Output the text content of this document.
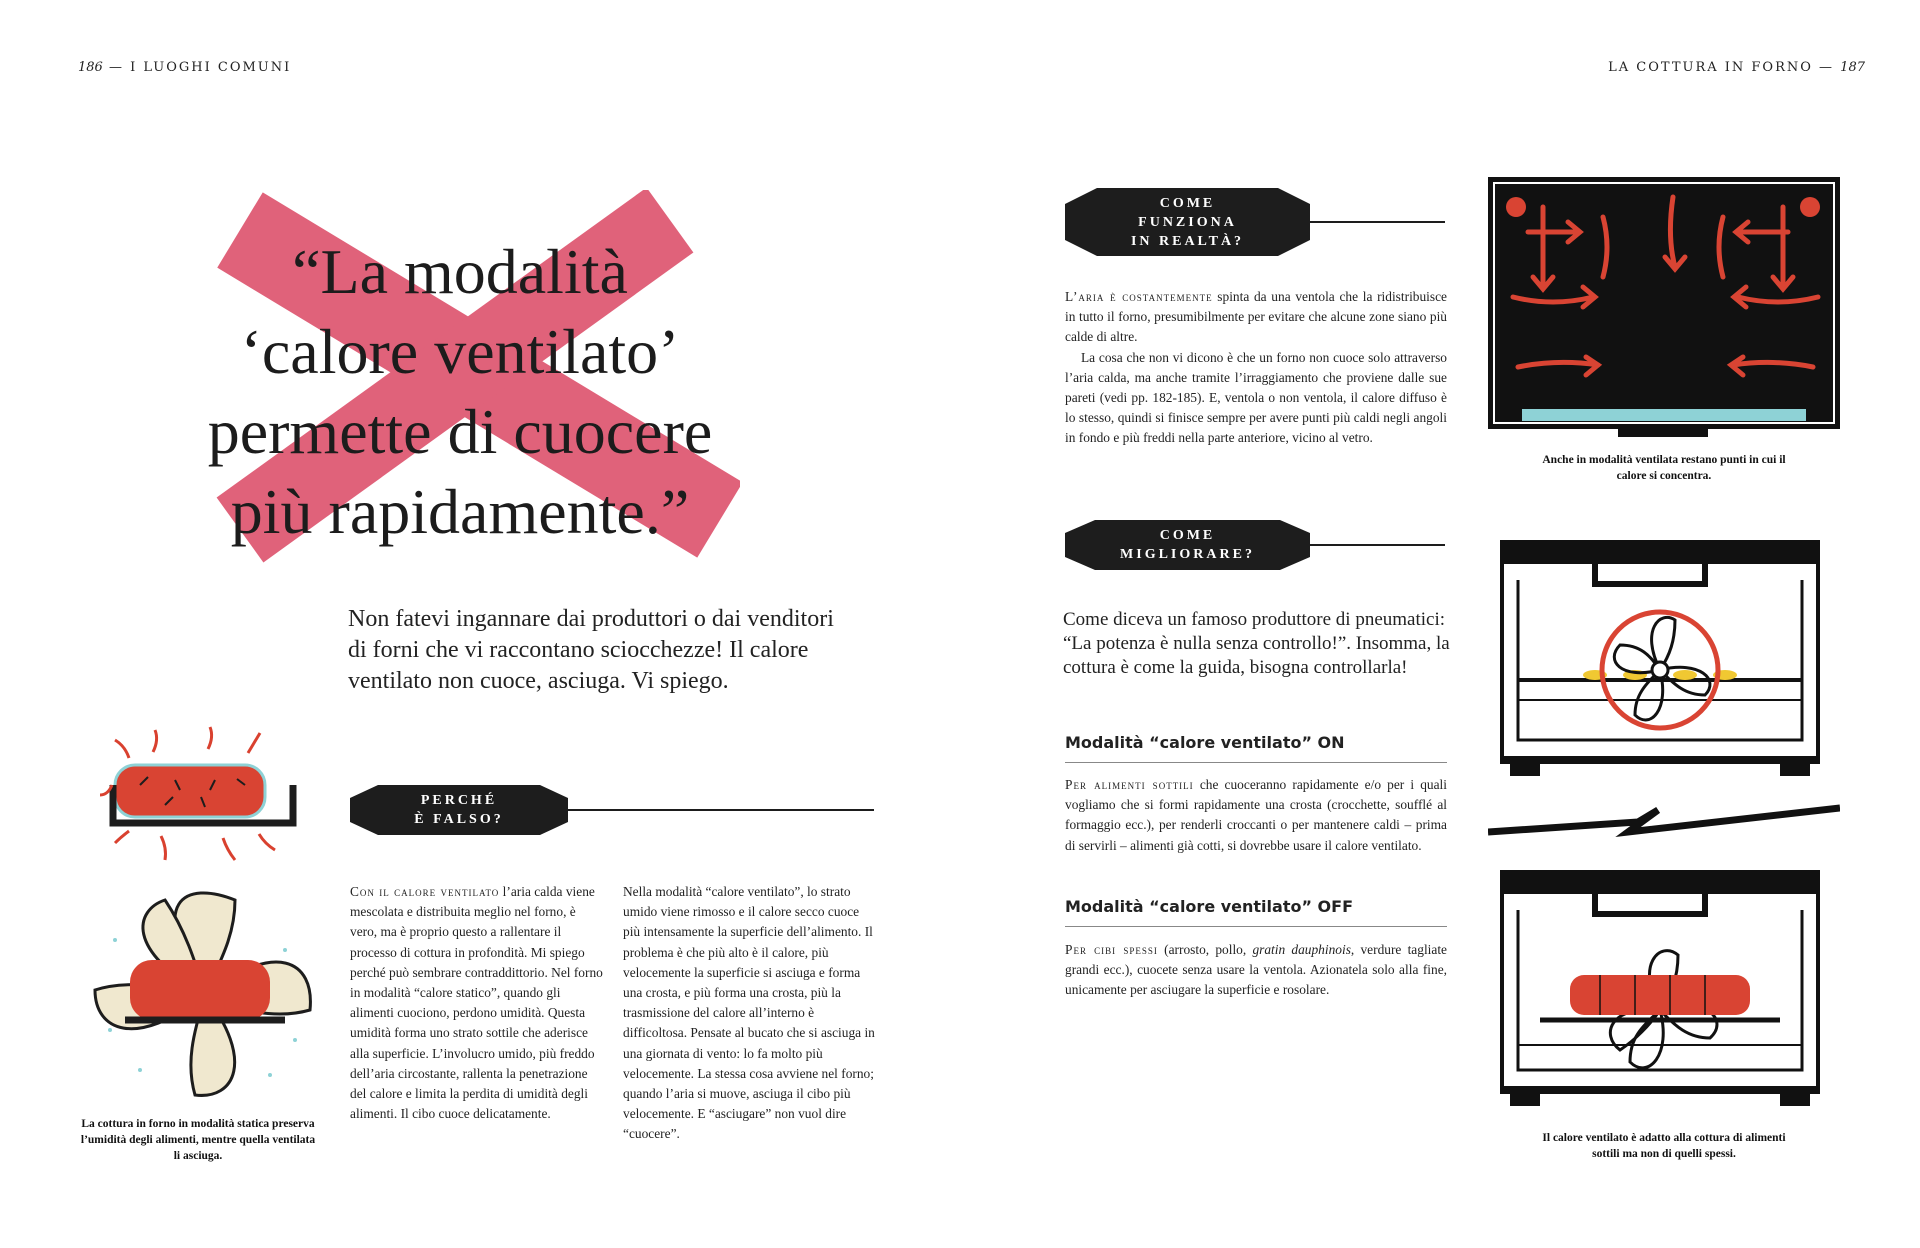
186 — I LUOGHI COMUNI	LA COTTURA IN FORNO — 187
“La modalità
‘calore ventilato’
permette di cuocere
più rapidamente.”
Non fatevi ingannare dai produttori o dai venditori di forni che vi raccontano sciocchezze! Il calore ventilato non cuoce, asciuga. Vi spiego.
La cottura in forno in modalità statica preserva l’umidità degli alimenti, mentre quella ventilata li asciuga.
PERCHÉ
È FALSO?
Con il calore ventilato l’aria calda viene mescolata e distribuita meglio nel forno, è vero, ma è proprio questo a rallentare il processo di cottura in profondità. Mi spiego perché può sembrare contraddittorio. Nel forno in modalità “calore statico”, quando gli alimenti cuociono, perdono umidità. Questa umidità forma uno strato sottile che aderisce alla superficie. L’involucro umido, più freddo dell’aria circostante, rallenta la penetrazione del calore e limita la perdita di umidità degli alimenti. Il cibo cuoce delicatamente.
Nella modalità “calore ventilato”, lo strato umido viene rimosso e il calore secco cuoce più intensamente la superficie dell’alimento. Il problema è che più alto è il calore, più velocemente la superficie si asciuga e forma una crosta, e più forma una crosta, più la trasmissione del calore all’interno è difficoltosa. Pensate al bucato che si asciuga in una giornata di vento: lo fa molto più velocemente. La stessa cosa avviene nel forno; quando l’aria si muove, asciuga il cibo più velocemente. E “asciugare” non vuol dire “cuocere”.
COME
FUNZIONA
IN REALTÀ?
L’aria è costantemente spinta da una ventola che la ridistribuisce in tutto il forno, presumibilmente per evitare che alcune zone siano più calde di altre.
La cosa che non vi dicono è che un forno non cuoce solo attraverso l’aria calda, ma anche tramite l’irraggiamento che proviene dalle sue pareti (vedi pp. 182-185). E, ventola o non ventola, il calore diffuso è lo stesso, quindi si finisce sempre per avere punti più caldi negli angoli in fondo e più freddi nella parte anteriore, vicino al vetro.
Anche in modalità ventilata restano punti in cui il calore si concentra.
COME
MIGLIORARE?
Come diceva un famoso produttore di pneumatici: “La potenza è nulla senza controllo!”. Insomma, la cottura è come la guida, bisogna controllarla!
Modalità “calore ventilato” ON
Per alimenti sottili che cuoceranno rapidamente e/o per i quali vogliamo che si formi rapidamente una crosta (crocchette, soufflé al formaggio ecc.), per renderli croccanti o per mantenere caldi – prima di servirli – alimenti già cotti, si dovrebbe usare il calore ventilato.
Modalità “calore ventilato” OFF
Per cibi spessi (arrosto, pollo, gratin dauphinois, verdure tagliate grandi ecc.), cuocete senza usare la ventola. Azionatela solo alla fine, unicamente per asciugare la superficie e rosolare.
Il calore ventilato è adatto alla cottura di alimenti sottili ma non di quelli spessi.
